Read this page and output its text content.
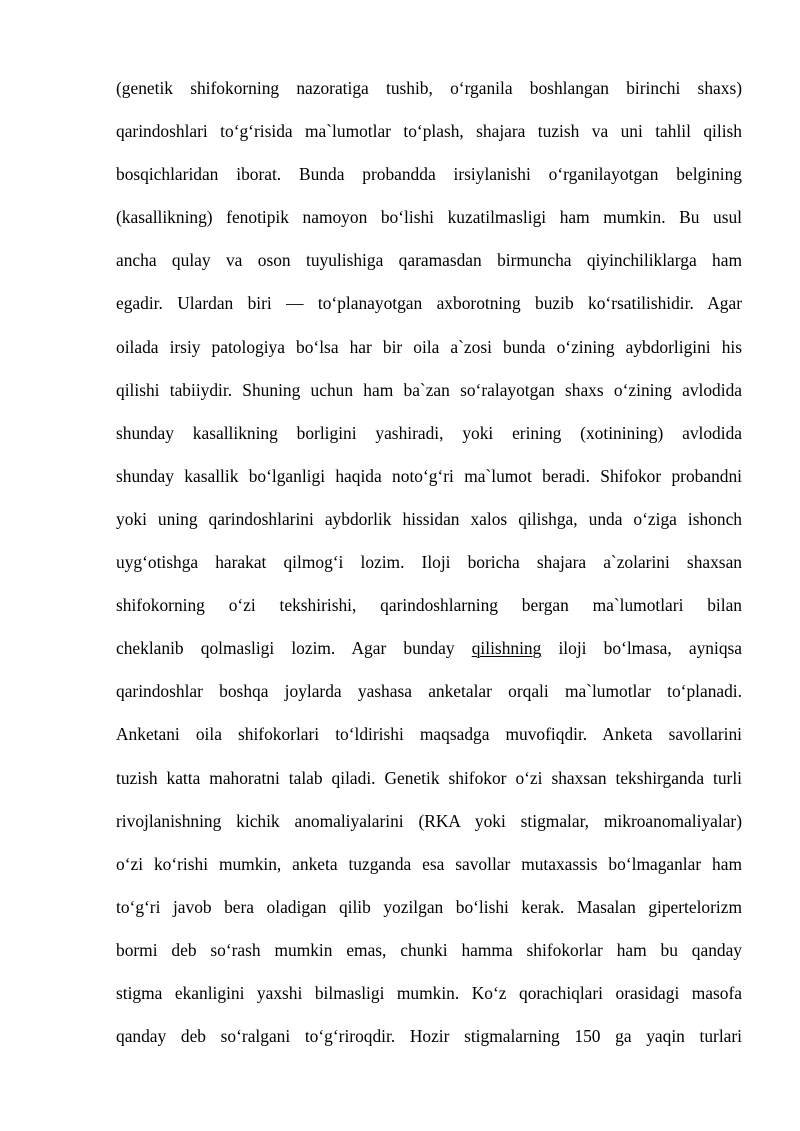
(genetik shifokorning nazoratiga tushib, o‘rganila boshlangan birinchi shaxs)
qarindoshlari to‘g‘risida ma`lumotlar to‘plash, shajara tuzish va uni tahlil qilish
bosqichlaridan iborat. Bunda probandda irsiylanishi o‘rganilayotgan belgining
(kasallikning) fenotipik namoyon bo‘lishi kuzatilmasligi ham mumkin. Bu usul
ancha qulay va oson tuyulishiga qaramasdan birmuncha qiyinchiliklarga ham
egadir. Ulardan biri — to‘planayotgan axborotning buzib ko‘rsatilishidir. Agar
oilada irsiy patologiya bo‘lsa har bir oila a`zosi bunda o‘zining aybdorligini his
qilishi tabiiydir. Shuning uchun ham ba`zan so‘ralayotgan shaxs o‘zining avlodida
shunday kasallikning borligini yashiradi, yoki erining (xotinining) avlodida
shunday kasallik bo‘lganligi haqida noto‘g‘ri ma`lumot beradi. Shifokor probandni
yoki uning qarindoshlarini aybdorlik hissidan xalos qilishga, unda o‘ziga ishonch
uyg‘otishga harakat qilmog‘i lozim. Iloji boricha shajara a`zolarini shaxsan
shifokorning o‘zi tekshirishi, qarindoshlarning bergan ma`lumotlari bilan
cheklanib qolmasligi lozim. Agar bunday qilishning iloji bo‘lmasa, ayniqsa
qarindoshlar boshqa joylarda yashasa anketalar orqali ma`lumotlar to‘planadi.
Anketani oila shifokorlari to‘ldirishi maqsadga muvofiqdir. Anketa savollarini
tuzish katta mahoratni talab qiladi. Genetik shifokor o‘zi shaxsan tekshirganda turli
rivojlanishning kichik anomaliyalarini (RKA yoki stigmalar, mikroanomaliyalar)
o‘zi ko‘rishi mumkin, anketa tuzganda esa savollar mutaxassis bo‘lmaganlar ham
to‘g‘ri javob bera oladigan qilib yozilgan bo‘lishi kerak. Masalan gipertelorizm
bormi deb so‘rash mumkin emas, chunki hamma shifokorlar ham bu qanday
stigma ekanligini yaxshi bilmasligi mumkin. Ko‘z qorachiqlari orasidagi masofa
qanday deb so‘ralgani to‘g‘riroqdir. Hozir stigmalarning 150 ga yaqin turlari
